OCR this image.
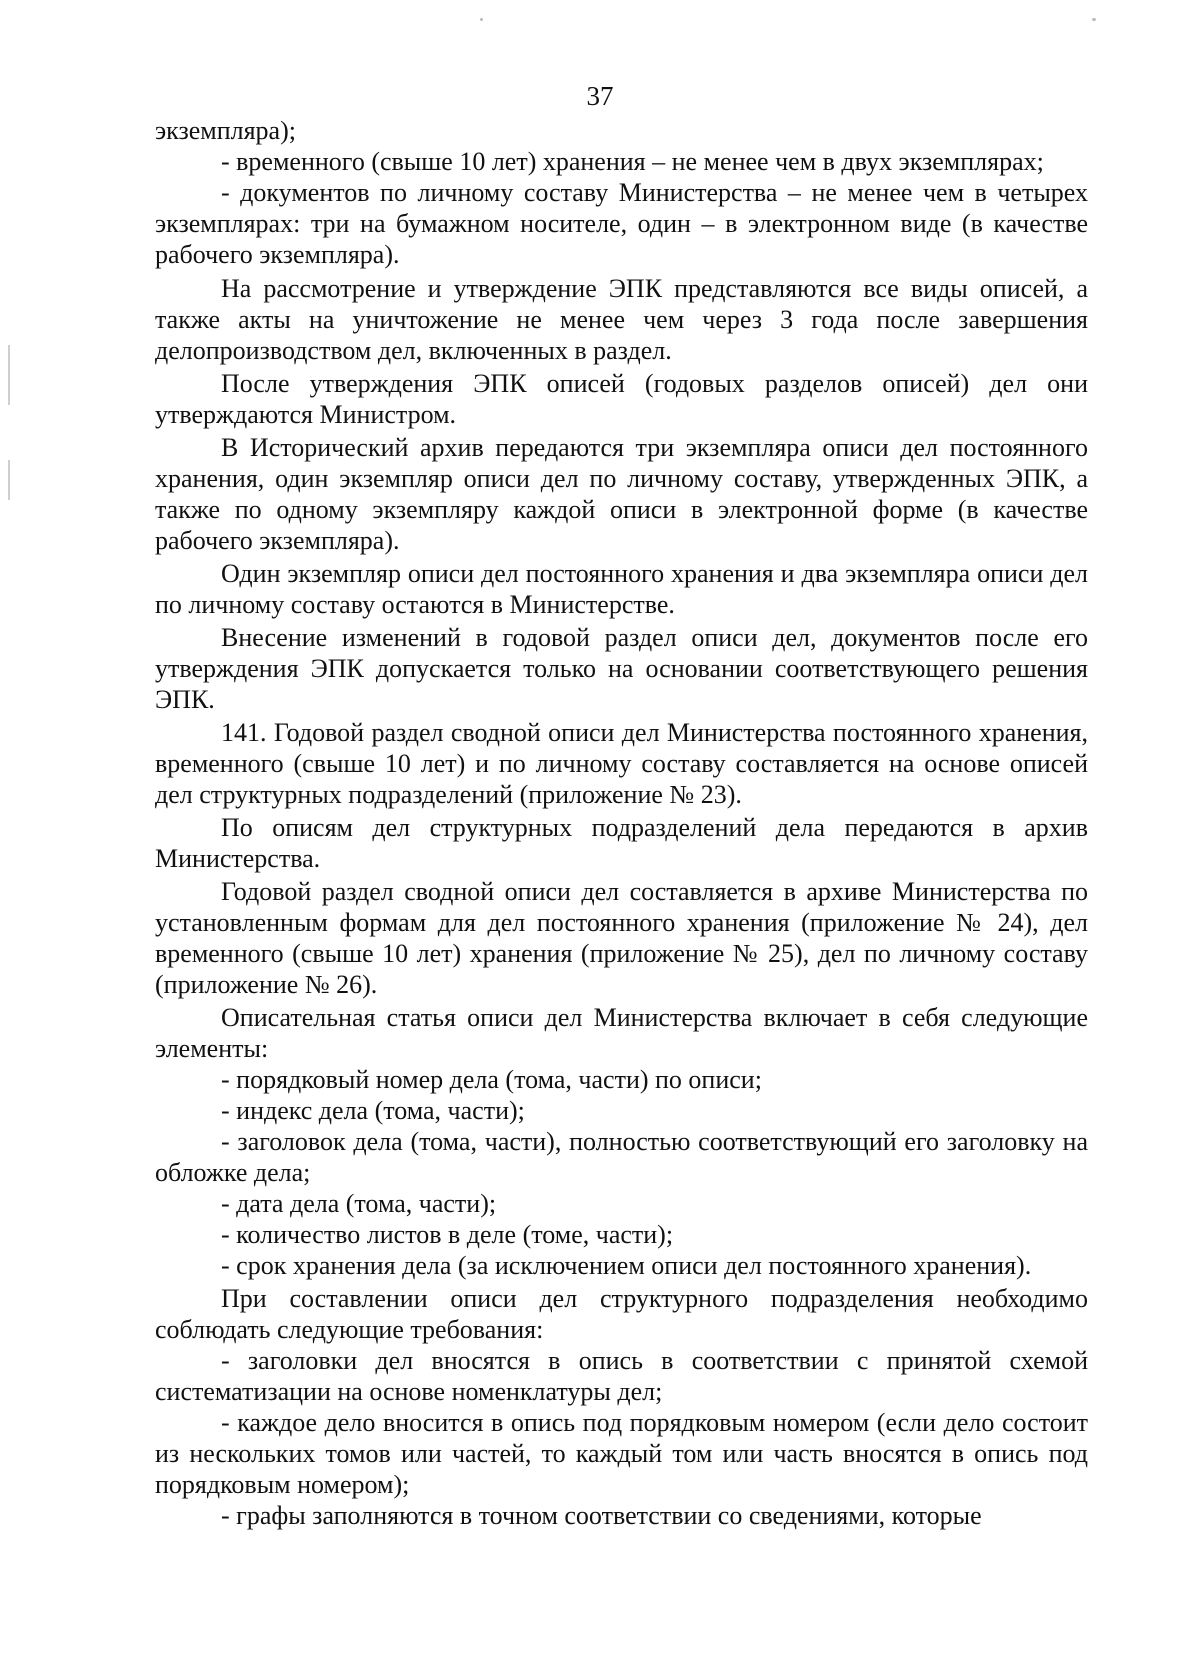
37

экземпляра);

- временного (свыше 10 лет) хранения – не менее чем в двух экземплярах;

- документов по личному составу Министерства – не менее чем в четырех экземплярах: три на бумажном носителе, один – в электронном виде (в качестве рабочего экземпляра).

На рассмотрение и утверждение ЭПК представляются все виды описей, а также акты на уничтожение не менее чем через 3 года после завершения делопроизводством дел, включенных в раздел.

После утверждения ЭПК описей (годовых разделов описей) дел они утверждаются Министром.

В Исторический архив передаются три экземпляра описи дел постоянного хранения, один экземпляр описи дел по личному составу, утвержденных ЭПК, а также по одному экземпляру каждой описи в электронной форме (в качестве рабочего экземпляра).

Один экземпляр описи дел постоянного хранения и два экземпляра описи дел по личному составу остаются в Министерстве.

Внесение изменений в годовой раздел описи дел, документов после его утверждения ЭПК допускается только на основании соответствующего решения ЭПК.

141. Годовой раздел сводной описи дел Министерства постоянного хранения, временного (свыше 10 лет) и по личному составу составляется на основе описей дел структурных подразделений (приложение № 23).

По описям дел структурных подразделений дела передаются в архив Министерства.

Годовой раздел сводной описи дел составляется в архиве Министерства по установленным формам для дел постоянного хранения (приложение № 24), дел временного (свыше 10 лет) хранения (приложение № 25), дел по личному составу (приложение № 26).

Описательная статья описи дел Министерства включает в себя следующие элементы:

- порядковый номер дела (тома, части) по описи;

- индекс дела (тома, части);

- заголовок дела (тома, части), полностью соответствующий его заголовку на обложке дела;

- дата дела (тома, части);

- количество листов в деле (томе, части);

- срок хранения дела (за исключением описи дел постоянного хранения).

При составлении описи дел структурного подразделения необходимо соблюдать следующие требования:

- заголовки дел вносятся в опись в соответствии с принятой схемой систематизации на основе номенклатуры дел;

- каждое дело вносится в опись под порядковым номером (если дело состоит из нескольких томов или частей, то каждый том или часть вносятся в опись под порядковым номером);

- графы заполняются в точном соответствии со сведениями, которые
